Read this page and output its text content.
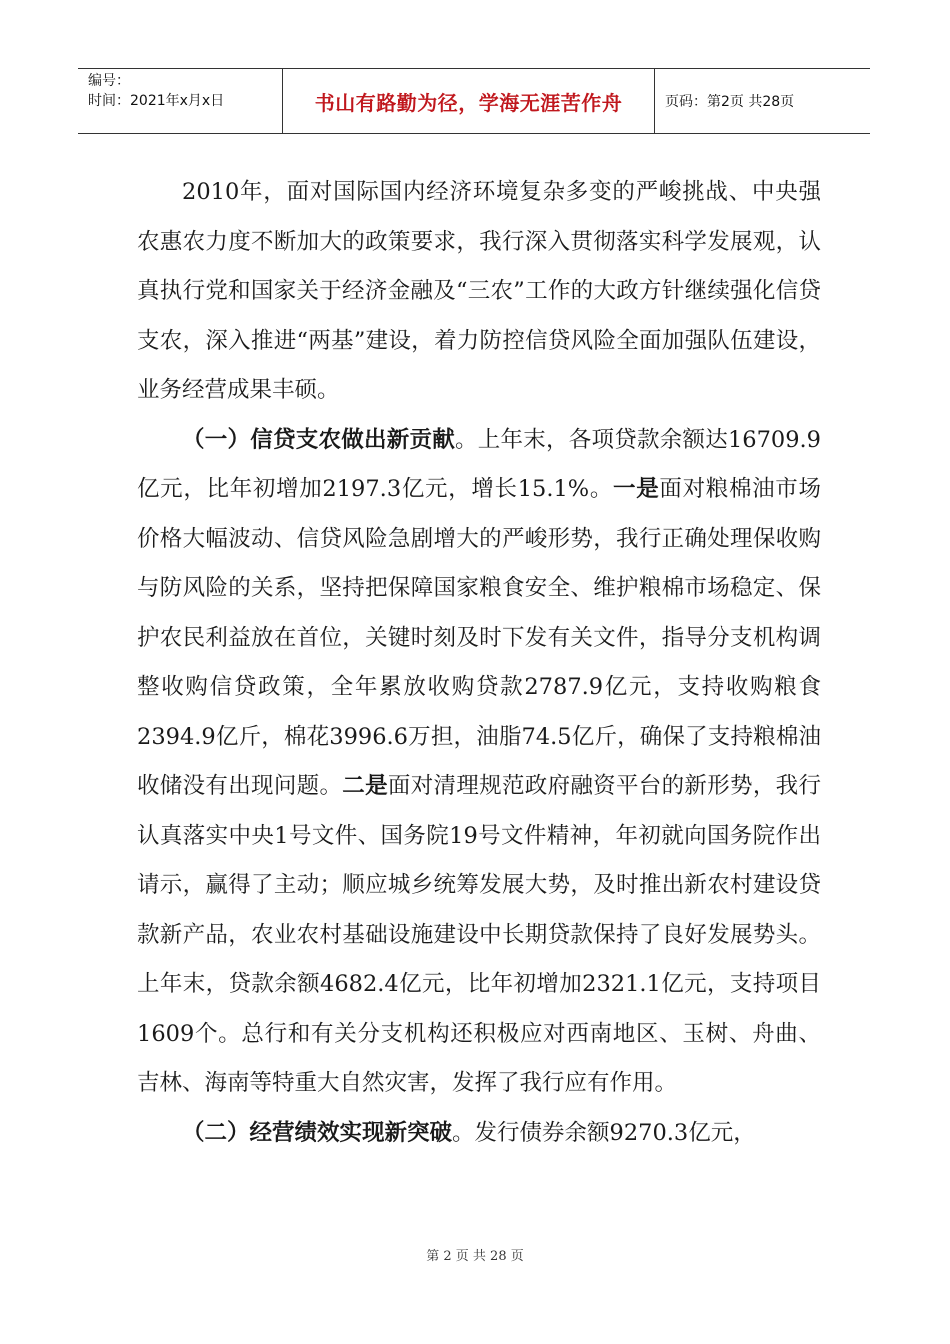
编号：
时间：2021年x月x日	书山有路勤为径，学海无涯苦作舟	页码：第2页 共28页

2010年，面对国际国内经济环境复杂多变的严峻挑战、中央强农惠农力度不断加大的政策要求，我行深入贯彻落实科学发展观，认真执行党和国家关于经济金融及“三农”工作的大政方针继续强化信贷支农，深入推进“两基”建设，着力防控信贷风险全面加强队伍建设，业务经营成果丰硕。

（一）信贷支农做出新贡献。上年末，各项贷款余额达16709.9亿元，比年初增加2197.3亿元，增长15.1%。一是面对粮棉油市场价格大幅波动、信贷风险急剧增大的严峻形势，我行正确处理保收购与防风险的关系，坚持把保障国家粮食安全、维护粮棉市场稳定、保护农民利益放在首位，关键时刻及时下发有关文件，指导分支机构调整收购信贷政策，全年累放收购贷款2787.9亿元，支持收购粮食2394.9亿斤，棉花3996.6万担，油脂74.5亿斤，确保了支持粮棉油收储没有出现问题。二是面对清理规范政府融资平台的新形势，我行认真落实中央1号文件、国务院19号文件精神，年初就向国务院作出请示，赢得了主动；顺应城乡统筹发展大势，及时推出新农村建设贷款新产品，农业农村基础设施建设中长期贷款保持了良好发展势头。上年末，贷款余额4682.4亿元，比年初增加2321.1亿元，支持项目1609个。总行和有关分支机构还积极应对西南地区、玉树、舟曲、吉林、海南等特重大自然灾害，发挥了我行应有作用。

（二）经营绩效实现新突破。发行债券余额9270.3亿元，

第 2 页 共 28 页
